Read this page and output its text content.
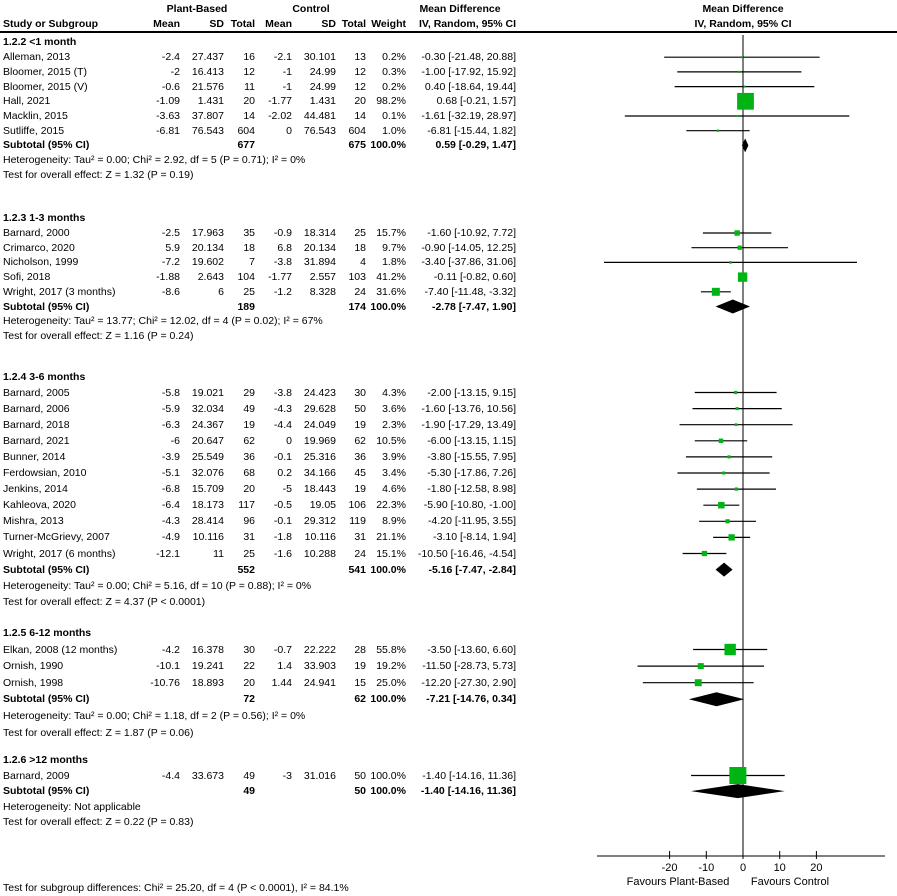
Plant-Based	Control	Mean Difference	Mean Difference
Study or Subgroup	Mean	SD Total Mean	SD Total Weight	IV, Random, 95% CI	IV, Random, 95% CI
1.2.2 <1 month
Alleman, 2013	-2.4	27.437	16	-2.1	30.101	13	0.2%	-0.30 [-21.48, 20.88]
Bloomer, 2015 (T)	-2	16.413	12	-1	24.99	12	0.3%	-1.00 [-17.92, 15.92]
Bloomer, 2015 (V)	-0.6	21.576	11	-1	24.99	12	0.2%	0.40 [-18.64, 19.44]
Hall, 2021	-1.09	1.431	20	-1.77	1.431	20 98.2%	0.68 [-0.21, 1.57]
Macklin, 2015	-3.63	37.807	14	-2.02	44.481	14	0.1%	-1.61 [-32.19, 28.97]
Sutliffe, 2015	-6.81	76.543	604	0	76.543	604	1.0%	-6.81 [-15.44, 1.82]
Subtotal (95% CI)	677	675 100.0%	0.59 [-0.29, 1.47]
Heterogeneity: Tau² = 0.00; Chi² = 2.92, df = 5 (P = 0.71); I² = 0%
Test for overall effect: Z = 1.32 (P = 0.19)
1.2.3 1-3 months
Barnard, 2000	-2.5	17.963	35	-0.9	18.314	25 15.7%	-1.60 [-10.92, 7.72]
Crimarco, 2020	5.9	20.134	18	6.8	20.134	18	9.7%	-0.90 [-14.05, 12.25]
Nicholson, 1999	-7.2	19.602	7	-3.8	31.894	4	1.8%	-3.40 [-37.86, 31.06]
Sofi, 2018	-1.88	2.643	104	-1.77	2.557	103 41.2%	-0.11 [-0.82, 0.60]
Wright, 2017 (3 months)	-8.6	6	25	-1.2	8.328	24 31.6%	-7.40 [-11.48, -3.32]
Subtotal (95% CI)	189	174 100.0%	-2.78 [-7.47, 1.90]
Heterogeneity: Tau² = 13.77; Chi² = 12.02, df = 4 (P = 0.02); I² = 67%
Test for overall effect: Z = 1.16 (P = 0.24)
1.2.4 3-6 months
Barnard, 2005	-5.8	19.021	29	-3.8	24.423	30	4.3%	-2.00 [-13.15, 9.15]
Barnard, 2006	-5.9	32.034	49	-4.3	29.628	50	3.6%	-1.60 [-13.76, 10.56]
Barnard, 2018	-6.3	24.367	19	-4.4	24.049	19	2.3%	-1.90 [-17.29, 13.49]
Barnard, 2021	-6	20.647	62	0	19.969	62 10.5%	-6.00 [-13.15, 1.15]
Bunner, 2014	-3.9	25.549	36	-0.1	25.316	36	3.9%	-3.80 [-15.55, 7.95]
Ferdowsian, 2010	-5.1	32.076	68	0.2	34.166	45	3.4%	-5.30 [-17.86, 7.26]
Jenkins, 2014	-6.8	15.709	20	-5	18.443	19	4.6%	-1.80 [-12.58, 8.98]
Kahleova, 2020	-6.4	18.173	117	-0.5	19.05	106 22.3%	-5.90 [-10.80, -1.00]
Mishra, 2013	-4.3	28.414	96	-0.1	29.312	119	8.9%	-4.20 [-11.95, 3.55]
Turner-McGrievy, 2007	-4.9	10.116	31	-1.8	10.116	31 21.1%	-3.10 [-8.14, 1.94]
Wright, 2017 (6 months)	-12.1	11	25	-1.6	10.288	24 15.1%	-10.50 [-16.46, -4.54]
Subtotal (95% CI)	552	541 100.0%	-5.16 [-7.47, -2.84]
Heterogeneity: Tau² = 0.00; Chi² = 5.16, df = 10 (P = 0.88); I² = 0%
Test for overall effect: Z = 4.37 (P < 0.0001)
1.2.5 6-12 months
Elkan, 2008 (12 months)	-4.2	16.378	30	-0.7	22.222	28 55.8%	-3.50 [-13.60, 6.60]
Ornish, 1990	-10.1	19.241	22	1.4	33.903	19 19.2%	-11.50 [-28.73, 5.73]
Ornish, 1998	-10.76	18.893	20	1.44	24.941	15 25.0%	-12.20 [-27.30, 2.90]
Subtotal (95% CI)	72	62 100.0%	-7.21 [-14.76, 0.34]
Heterogeneity: Tau² = 0.00; Chi² = 1.18, df = 2 (P = 0.56); I² = 0%
Test for overall effect: Z = 1.87 (P = 0.06)
1.2.6 >12 months
Barnard, 2009	-4.4	33.673	49	-3	31.016	50 100.0%	-1.40 [-14.16, 11.36]
Subtotal (95% CI)	49	50 100.0%	-1.40 [-14.16, 11.36]
Heterogeneity: Not applicable
Test for overall effect: Z = 0.22 (P = 0.83)
-20 -10 0	10 20
Favours Plant-Based Favours Control
Test for subgroup differences: Chi² = 25.20, df = 4 (P < 0.0001), I² = 84.1%
